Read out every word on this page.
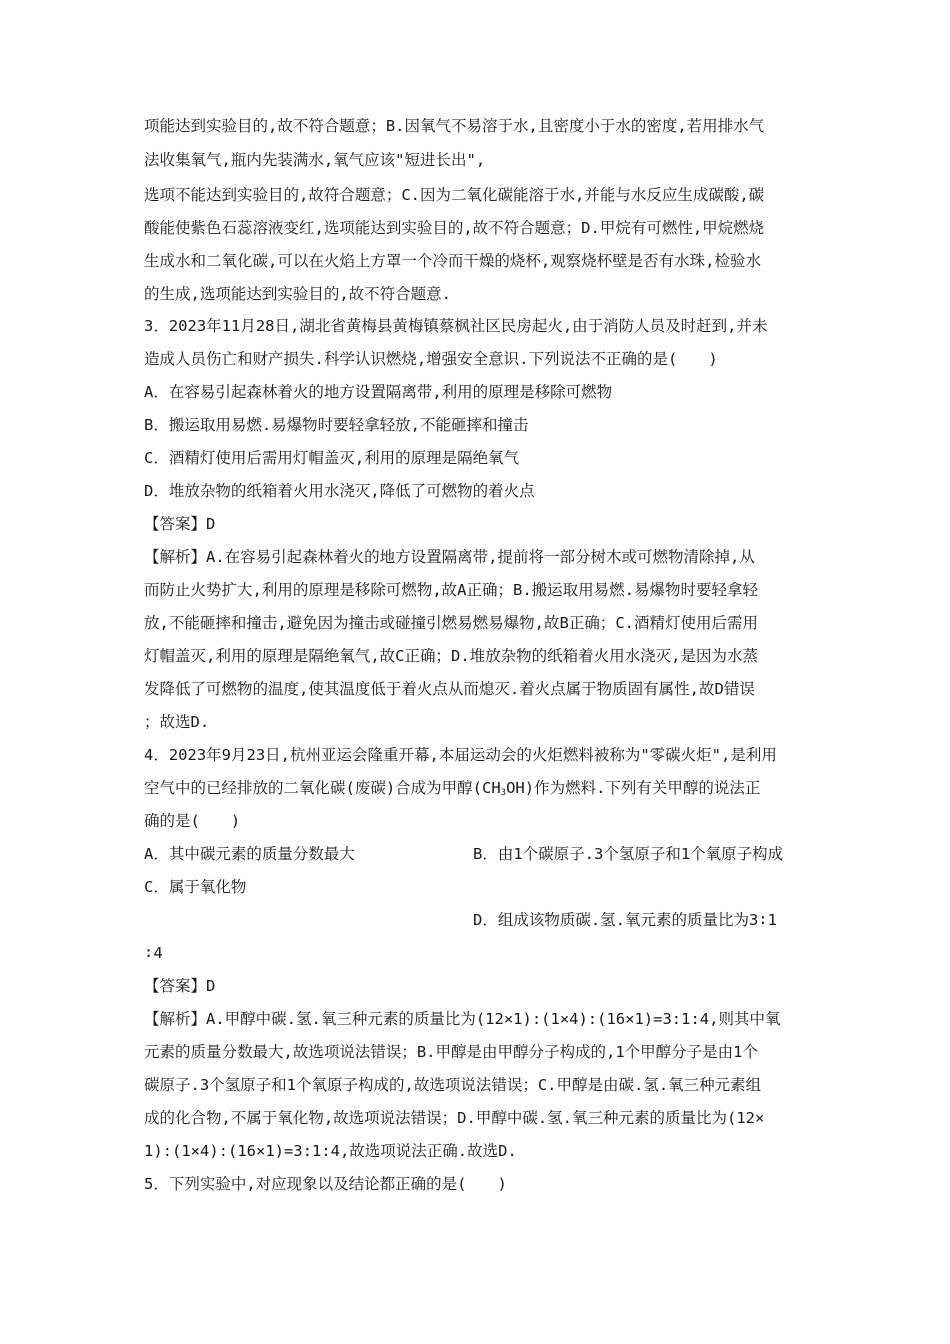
项能达到实验目的,故不符合题意；B.因氧气不易溶于水,且密度小于水的密度,若用排水气
法收集氧气,瓶内先装满水,氧气应该"短进长出",
选项不能达到实验目的,故符合题意；C.因为二氧化碳能溶于水,并能与水反应生成碳酸,碳
酸能使紫色石蕊溶液变红,选项能达到实验目的,故不符合题意；D.甲烷有可燃性,甲烷燃烧
生成水和二氧化碳,可以在火焰上方罩一个冷而干燥的烧杯,观察烧杯壁是否有水珠,检验水
的生成,选项能达到实验目的,故不符合题意.
3．2023年11月28日,湖北省黄梅县黄梅镇蔡枫社区民房起火,由于消防人员及时赶到,并未
造成人员伤亡和财产损失.科学认识燃烧,增强安全意识.下列说法不正确的是(　　)
A．在容易引起森林着火的地方设置隔离带,利用的原理是移除可燃物
B．搬运取用易燃.易爆物时要轻拿轻放,不能砸摔和撞击
C．酒精灯使用后需用灯帽盖灭,利用的原理是隔绝氧气
D．堆放杂物的纸箱着火用水浇灭,降低了可燃物的着火点
【答案】D
【解析】A.在容易引起森林着火的地方设置隔离带,提前将一部分树木或可燃物清除掉,从
而防止火势扩大,利用的原理是移除可燃物,故A正确；B.搬运取用易燃.易爆物时要轻拿轻
放,不能砸摔和撞击,避免因为撞击或碰撞引燃易燃易爆物,故B正确；C.酒精灯使用后需用
灯帽盖灭,利用的原理是隔绝氧气,故C正确；D.堆放杂物的纸箱着火用水浇灭,是因为水蒸
发降低了可燃物的温度,使其温度低于着火点从而熄灭.着火点属于物质固有属性,故D错误
；故选D.
4．2023年9月23日,杭州亚运会隆重开幕,本届运动会的火炬燃料被称为"零碳火炬",是利用
空气中的已经排放的二氧化碳(废碳)合成为甲醇$(CH_3OH)$作为燃料.下列有关甲醇的说法正
确的是(　　)
A．其中碳元素的质量分数最大	B．由1个碳原子.3个氢原子和1个氧原子构成
C．属于氧化物
D．组成该物质碳.氢.氧元素的质量比为3∶1
∶4
【答案】D
【解析】A.甲醇中碳.氢.氧三种元素的质量比为(12×1):(1×4):(16×1)=3:1:4,则其中氧
元素的质量分数最大,故选项说法错误；B.甲醇是由甲醇分子构成的,1个甲醇分子是由1个
碳原子.3个氢原子和1个氧原子构成的,故选项说法错误；C.甲醇是由碳.氢.氧三种元素组
成的化合物,不属于氧化物,故选项说法错误；D.甲醇中碳.氢.氧三种元素的质量比为(12×
1):(1×4):(16×1)=3:1:4,故选项说法正确.故选D.
5．下列实验中,对应现象以及结论都正确的是(　　)
